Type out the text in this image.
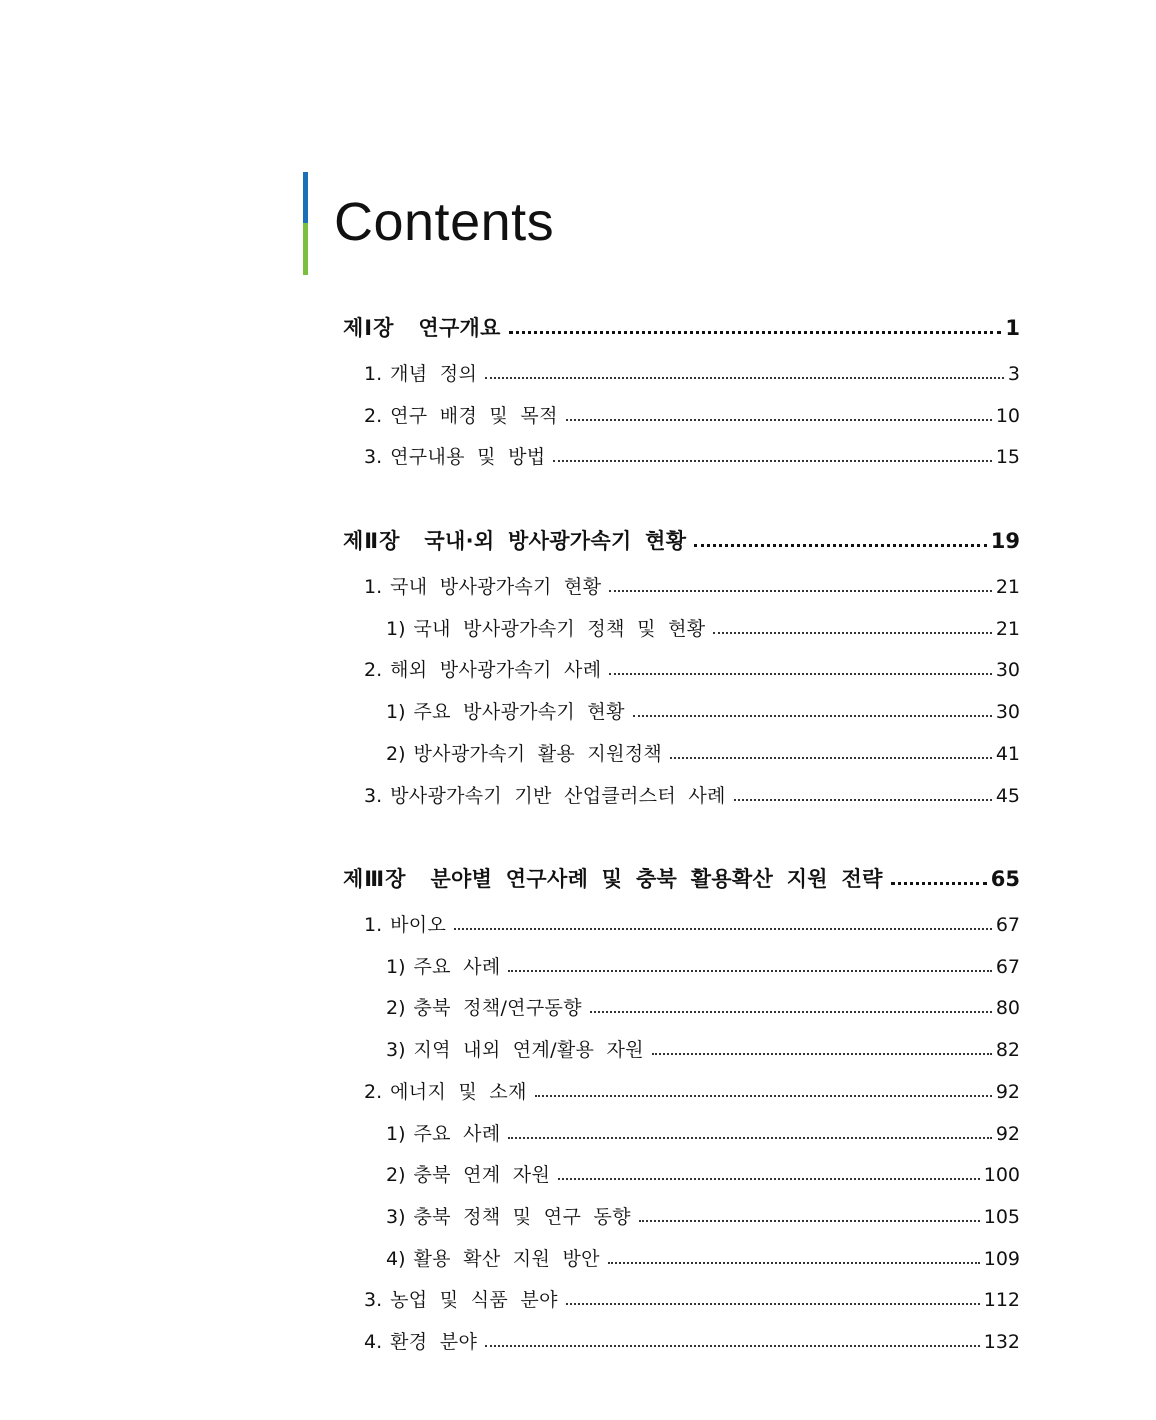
Contents
제Ⅰ장 연구개요	1
1. 개념 정의	3
2. 연구 배경 및 목적	10
3. 연구내용 및 방법	15
제Ⅱ장 국내·외 방사광가속기 현황	19
1. 국내 방사광가속기 현황	21
1) 국내 방사광가속기 정책 및 현황	21
2. 해외 방사광가속기 사례	30
1) 주요 방사광가속기 현황	30
2) 방사광가속기 활용 지원정책	41
3. 방사광가속기 기반 산업클러스터 사례	45
제Ⅲ장 분야별 연구사례 및 충북 활용확산 지원 전략	65
1. 바이오	67
1) 주요 사례	67
2) 충북 정책/연구동향	80
3) 지역 내외 연계/활용 자원	82
2. 에너지 및 소재	92
1) 주요 사례	92
2) 충북 연계 자원	100
3) 충북 정책 및 연구 동향	105
4) 활용 확산 지원 방안	109
3. 농업 및 식품 분야	112
4. 환경 분야	132
